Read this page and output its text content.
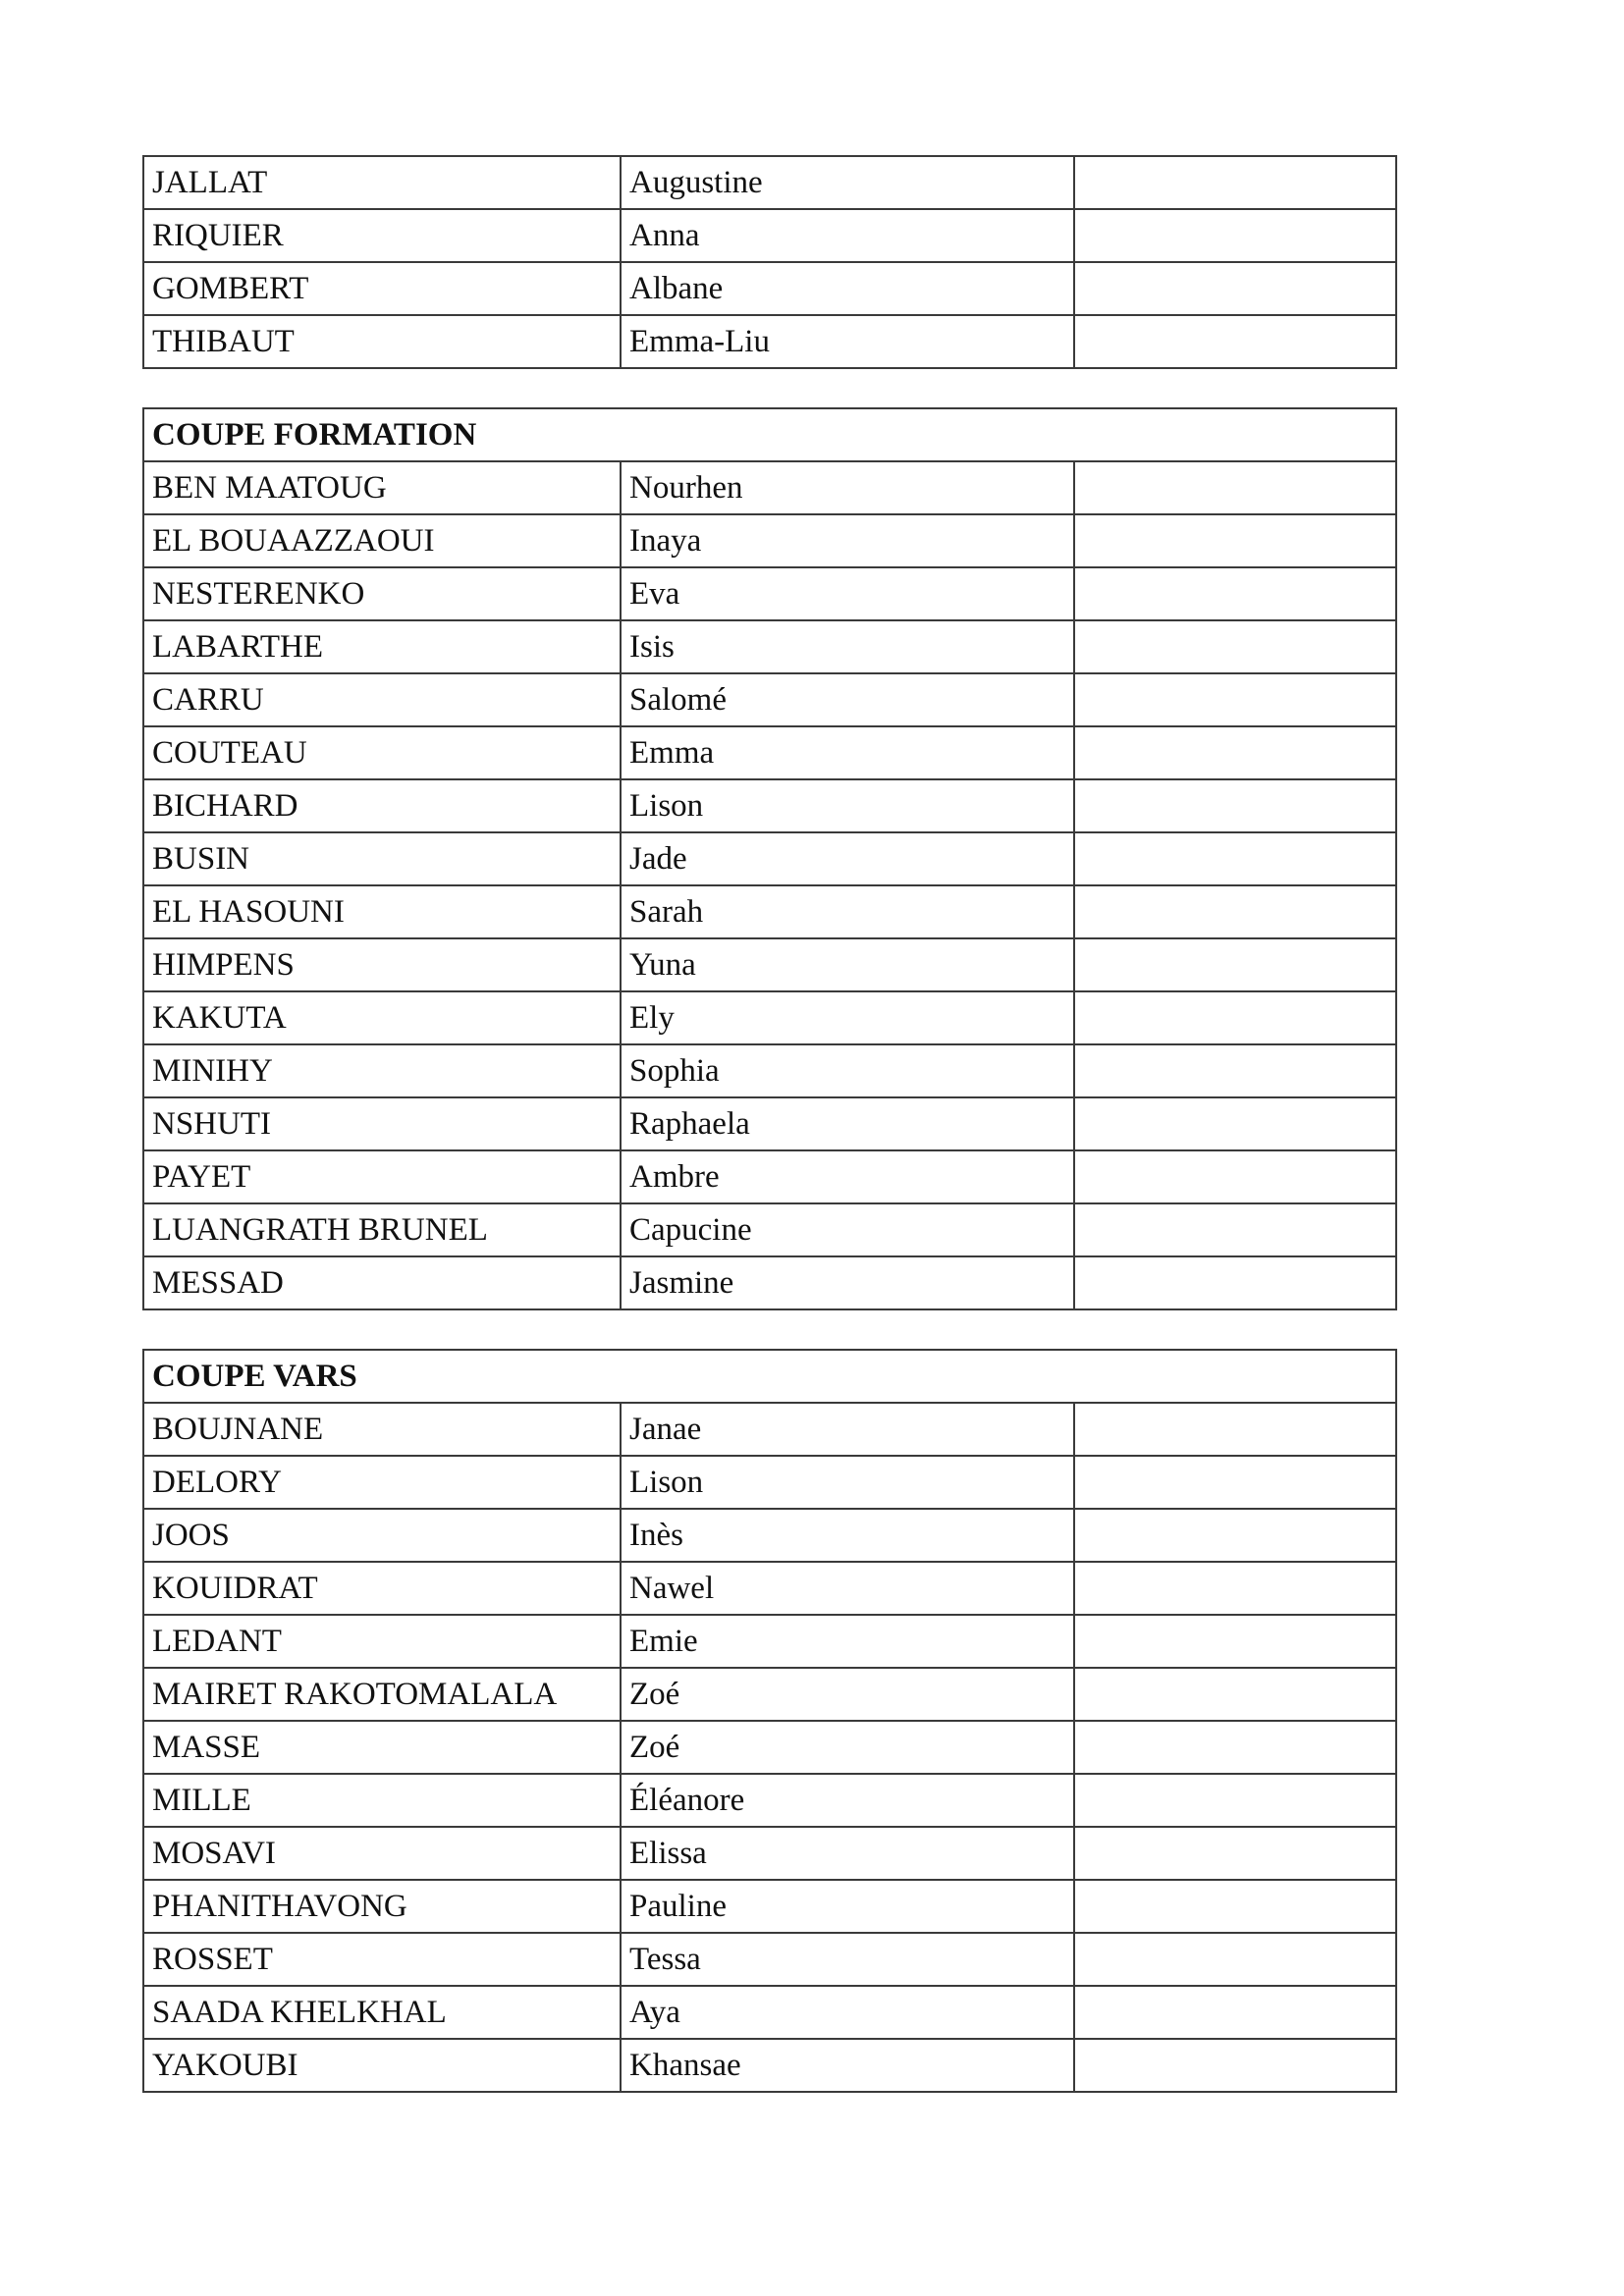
JALLAT	Augustine	
RIQUIER	Anna	
GOMBERT	Albane	
THIBAUT	Emma-Liu	
COUPE FORMATION		
BEN MAATOUG	Nourhen	
EL BOUAAZZAOUI	Inaya	
NESTERENKO	Eva	
LABARTHE	Isis	
CARRU	Salomé	
COUTEAU	Emma	
BICHARD	Lison	
BUSIN	Jade	
EL HASOUNI	Sarah	
HIMPENS	Yuna	
KAKUTA	Ely	
MINIHY	Sophia	
NSHUTI	Raphaela	
PAYET	Ambre	
LUANGRATH BRUNEL	Capucine	
MESSAD	Jasmine	
COUPE VARS		
BOUJNANE	Janae	
DELORY	Lison	
JOOS	Inès	
KOUIDRAT	Nawel	
LEDANT	Emie	
MAIRET RAKOTOMALALA	Zoé	
MASSE	Zoé	
MILLE	Éléanore	
MOSAVI	Elissa	
PHANITHAVONG	Pauline	
ROSSET	Tessa	
SAADA KHELKHAL	Aya	
YAKOUBI	Khansae	
